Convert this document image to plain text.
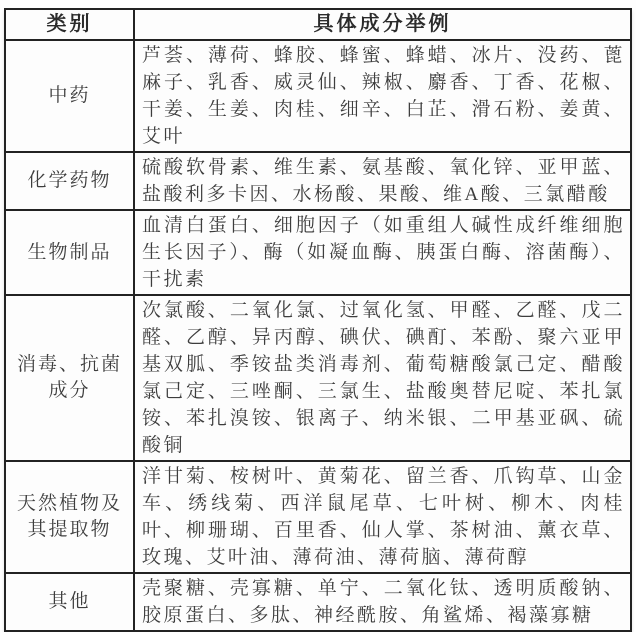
类别	具体成分举例
中药	芦荟、薄荷、蜂胶、蜂蜜、蜂蜡、冰片、没药、蓖麻子、乳香、威灵仙、辣椒、麝香、丁香、花椒、干姜、生姜、肉桂、细辛、白芷、滑石粉、姜黄、艾叶
化学药物	硫酸软骨素、维生素、氨基酸、氧化锌、亚甲蓝、盐酸利多卡因、水杨酸、果酸、维A酸、三氯醋酸
生物制品	血清白蛋白、细胞因子（如重组人碱性成纤维细胞生长因子）、酶（如凝血酶、胰蛋白酶、溶菌酶）、干扰素
消毒、抗菌成分	次氯酸、二氧化氯、过氧化氢、甲醛、乙醛、戊二醛、乙醇、异丙醇、碘伏、碘酊、苯酚、聚六亚甲基双胍、季铵盐类消毒剂、葡萄糖酸氯己定、醋酸氯己定、三唑酮、三氯生、盐酸奥替尼啶、苯扎氯铵、苯扎溴铵、银离子、纳米银、二甲基亚砜、硫酸铜
天然植物及其提取物	洋甘菊、桉树叶、黄菊花、留兰香、爪钩草、山金车、绣线菊、西洋鼠尾草、七叶树、柳木、肉桂叶、柳珊瑚、百里香、仙人掌、茶树油、薰衣草、玫瑰、艾叶油、薄荷油、薄荷脑、薄荷醇
其他	壳聚糖、壳寡糖、单宁、二氧化钛、透明质酸钠、胶原蛋白、多肽、神经酰胺、角鲨烯、褐藻寡糖
